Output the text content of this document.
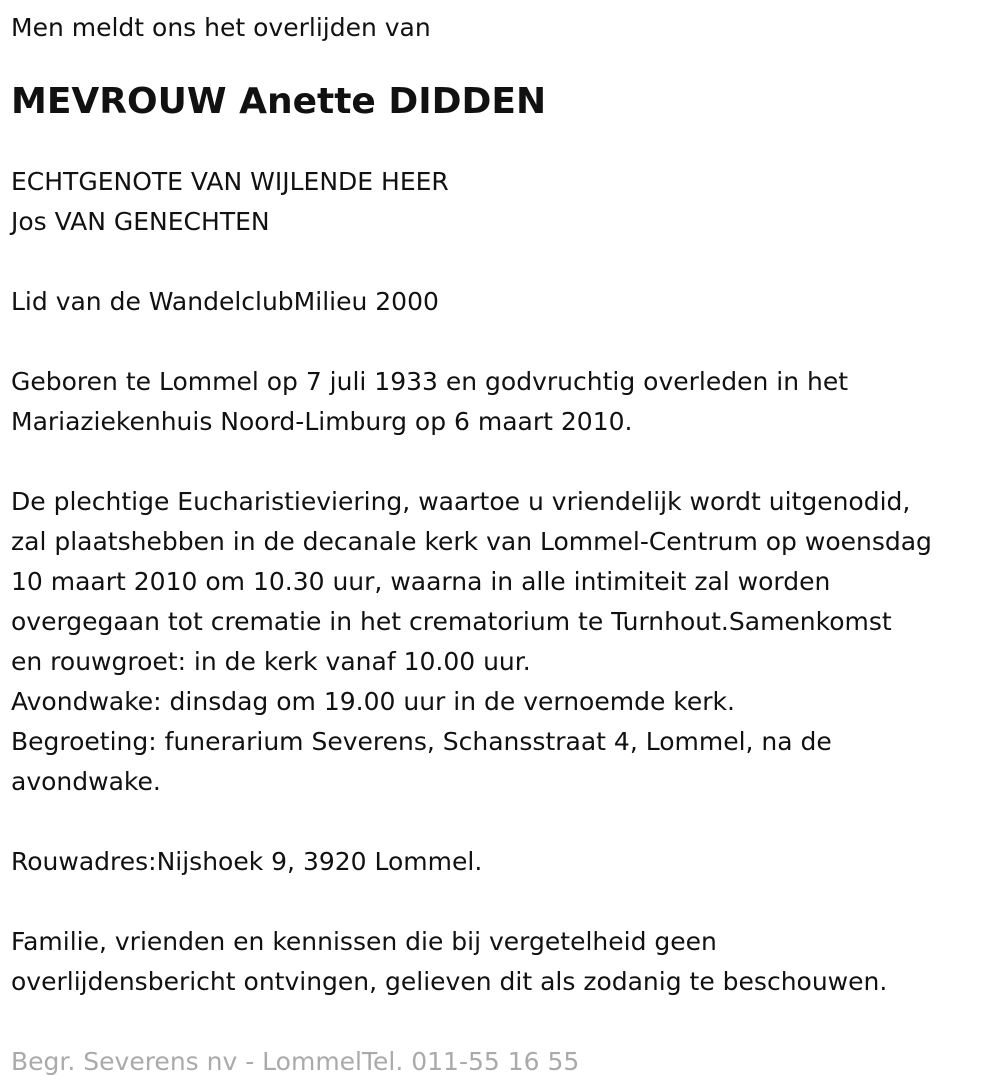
Men meldt ons het overlijden van

MEVROUW Anette DIDDEN

ECHTGENOTE VAN WIJLENDE HEER

Jos VAN GENECHTEN

Lid van de WandelclubMilieu 2000

Geboren te Lommel op 7 juli 1933 en godvruchtig overleden in het

Mariaziekenhuis Noord-Limburg op 6 maart 2010.

De plechtige Eucharistieviering, waartoe u vriendelijk wordt uitgenodid,

zal plaatshebben in de decanale kerk van Lommel-Centrum op woensdag

10 maart 2010 om 10.30 uur, waarna in alle intimiteit zal worden

overgegaan tot crematie in het crematorium te Turnhout.Samenkomst

en rouwgroet: in de kerk vanaf 10.00 uur.

Avondwake: dinsdag om 19.00 uur in de vernoemde kerk.

Begroeting: funerarium Severens, Schansstraat 4, Lommel, na de

avondwake.

Rouwadres:Nijshoek 9, 3920 Lommel.

Familie, vrienden en kennissen die bij vergetelheid geen

overlijdensbericht ontvingen, gelieven dit als zodanig te beschouwen.

Begr. Severens nv - LommelTel. 011-55 16 55
